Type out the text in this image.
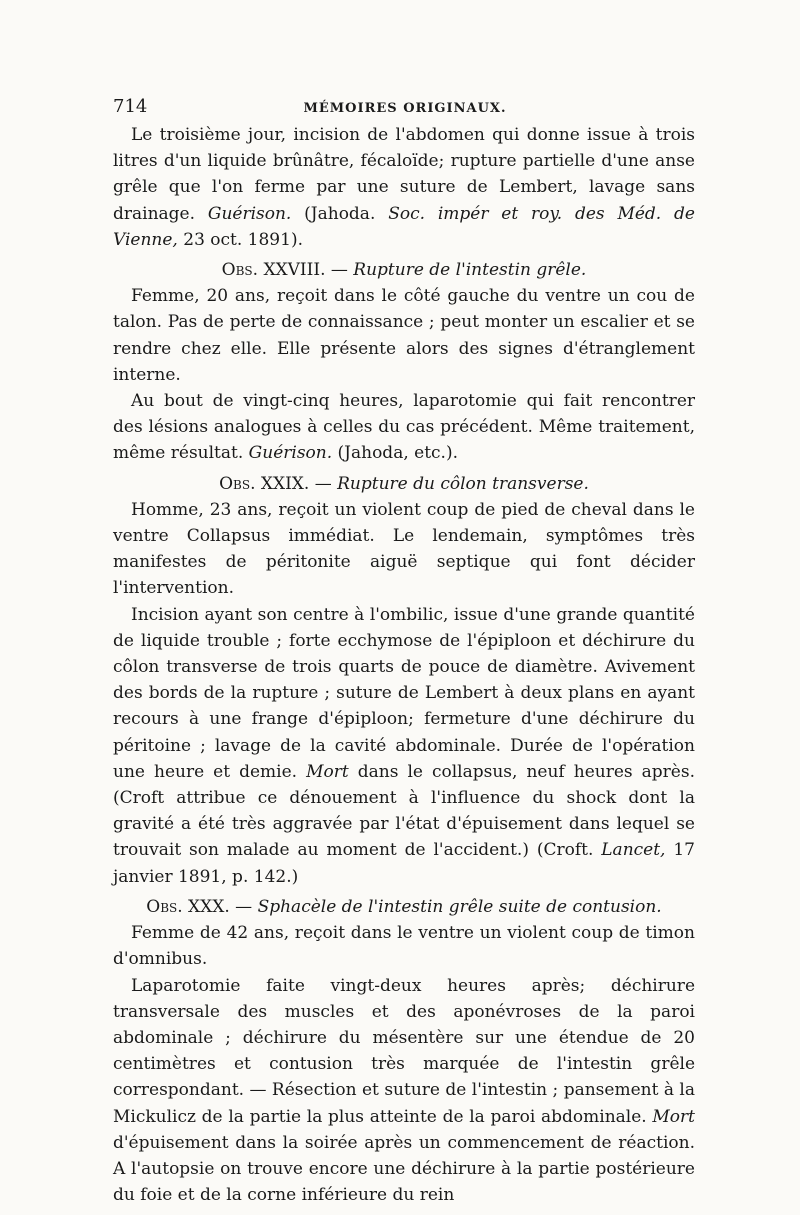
714	MÉMOIRES ORIGINAUX.

Le troisième jour, incision de l'abdomen qui donne issue à trois litres d'un liquide brûnâtre, fécaloïde; rupture partielle d'une anse grêle que l'on ferme par une suture de Lembert, lavage sans drainage. Guérison. (Jahoda. Soc. impér et roy. des Méd. de Vienne, 23 oct. 1891).

Obs. XXVIII. — Rupture de l'intestin grêle.

Femme, 20 ans, reçoit dans le côté gauche du ventre un cou de talon. Pas de perte de connaissance ; peut monter un escalier et se rendre chez elle. Elle présente alors des signes d'étranglement interne.

Au bout de vingt-cinq heures, laparotomie qui fait rencontrer des lésions analogues à celles du cas précédent. Même traitement, même résultat. Guérison. (Jahoda, etc.).

Obs. XXIX. — Rupture du côlon transverse.

Homme, 23 ans, reçoit un violent coup de pied de cheval dans le ventre Collapsus immédiat. Le lendemain, symptômes très manifestes de péritonite aiguë septique qui font décider l'intervention.

Incision ayant son centre à l'ombilic, issue d'une grande quantité de liquide trouble ; forte ecchymose de l'épiploon et déchirure du côlon transverse de trois quarts de pouce de diamètre. Avivement des bords de la rupture ; suture de Lembert à deux plans en ayant recours à une frange d'épiploon; fermeture d'une déchirure du péritoine ; lavage de la cavité abdominale. Durée de l'opération une heure et demie. Mort dans le collapsus, neuf heures après. (Croft attribue ce dénouement à l'influence du shock dont la gravité a été très aggravée par l'état d'épuisement dans lequel se trouvait son malade au moment de l'accident.) (Croft. Lancet, 17 janvier 1891, p. 142.)

Obs. XXX. — Sphacèle de l'intestin grêle suite de contusion.

Femme de 42 ans, reçoit dans le ventre un violent coup de timon d'omnibus.

Laparotomie faite vingt-deux heures après; déchirure transversale des muscles et des aponévroses de la paroi abdominale ; déchirure du mésentère sur une étendue de 20 centimètres et contusion très marquée de l'intestin grêle correspondant. — Résection et suture de l'intestin ; pansement à la Mickulicz de la partie la plus atteinte de la paroi abdominale. Mort d'épuisement dans la soirée après un commencement de réaction. A l'autopsie on trouve encore une déchirure à la partie postérieure du foie et de la corne inférieure du rein
